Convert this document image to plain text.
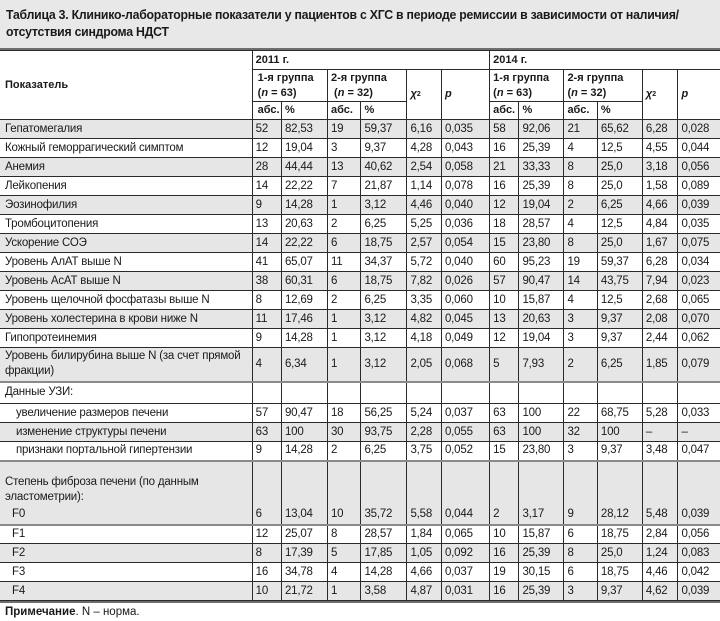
Таблица 3. Клинико-лабораторные показатели у пациентов с ХГС в периоде ремиссии в зависимости от наличия/отсутствия синдрома НДСТ
Показатель	2011 г.						2014 г.					
	1-я группа
(n = 63)		2-я группа
(n = 32)		$\chi^2$	p	1-я группа
(n = 63)		2-я группа
(n = 32)		$\chi^2$	p
	абс.	%	абс.	%			абс.	%	абс.	%		
Гепатомегалия	52	82,53	19	59,37	6,16	0,035	58	92,06	21	65,62	6,28	0,028
Кожный геморрагический симптом	12	19,04	3	9,37	4,28	0,043	16	25,39	4	12,5	4,55	0,044
Анемия	28	44,44	13	40,62	2,54	0,058	21	33,33	8	25,0	3,18	0,056
Лейкопения	14	22,22	7	21,87	1,14	0,078	16	25,39	8	25,0	1,58	0,089
Эозинофилия	9	14,28	1	3,12	4,46	0,040	12	19,04	2	6,25	4,66	0,039
Тромбоцитопения	13	20,63	2	6,25	5,25	0,036	18	28,57	4	12,5	4,84	0,035
Ускорение СОЭ	14	22,22	6	18,75	2,57	0,054	15	23,80	8	25,0	1,67	0,075
Уровень АлАТ выше N	41	65,07	11	34,37	5,72	0,040	60	95,23	19	59,37	6,28	0,034
Уровень АсАТ выше N	38	60,31	6	18,75	7,82	0,026	57	90,47	14	43,75	7,94	0,023
Уровень щелочной фосфатазы выше N	8	12,69	2	6,25	3,35	0,060	10	15,87	4	12,5	2,68	0,065
Уровень холестерина в крови ниже N	11	17,46	1	3,12	4,82	0,045	13	20,63	3	9,37	2,08	0,070
Гипопротеинемия	9	14,28	1	3,12	4,18	0,049	12	19,04	3	9,37	2,44	0,062
Уровень билирубина выше N (за счет прямой фракции)	4	6,34	1	3,12	2,05	0,068	5	7,93	2	6,25	1,85	0,079
Данные УЗИ:												
увеличение размеров печени	57	90,47	18	56,25	5,24	0,037	63	100	22	68,75	5,28	0,033
изменение структуры печени	63	100	30	93,75	2,28	0,055	63	100	32	100	–	–
признаки портальной гипертензии	9	14,28	2	6,25	3,75	0,052	15	23,80	3	9,37	3,48	0,047

Степень фиброза печени (по данным эластометрии):
F0	6	13,04	10	35,72	5,58	0,044	2	3,17	9	28,12	5,48	0,039
F1	12	25,07	8	28,57	1,84	0,065	10	15,87	6	18,75	2,84	0,056
F2	8	17,39	5	17,85	1,05	0,092	16	25,39	8	25,0	1,24	0,083
F3	16	34,78	4	14,28	4,66	0,037	19	30,15	6	18,75	4,46	0,042
F4	10	21,72	1	3,58	4,87	0,031	16	25,39	3	9,37	4,62	0,039
Примечание. N – норма.
